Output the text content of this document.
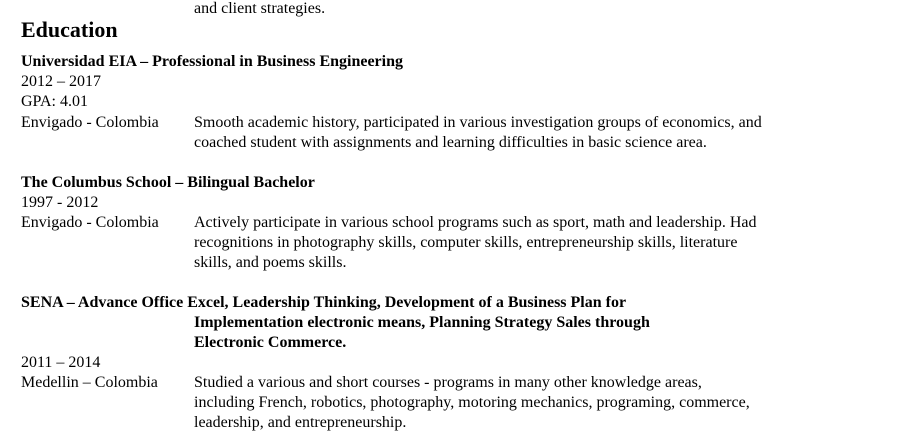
and client strategies.
Education
Universidad EIA – Professional in Business Engineering
2012 – 2017
GPA: 4.01
Envigado - Colombia Smooth academic history, participated in various investigation groups of economics, and
coached student with assignments and learning difficulties in basic science area.
The Columbus School – Bilingual Bachelor
1997 - 2012
Envigado - Colombia Actively participate in various school programs such as sport, math and leadership. Had
recognitions in photography skills, computer skills, entrepreneurship skills, literature
skills, and poems skills.
SENA – Advance Office Excel, Leadership Thinking, Development of a Business Plan for
Implementation electronic means, Planning Strategy Sales through
Electronic Commerce.
2011 – 2014
Medellin – Colombia Studied a various and short courses - programs in many other knowledge areas,
including French, robotics, photography, motoring mechanics, programing, commerce,
leadership, and entrepreneurship.
